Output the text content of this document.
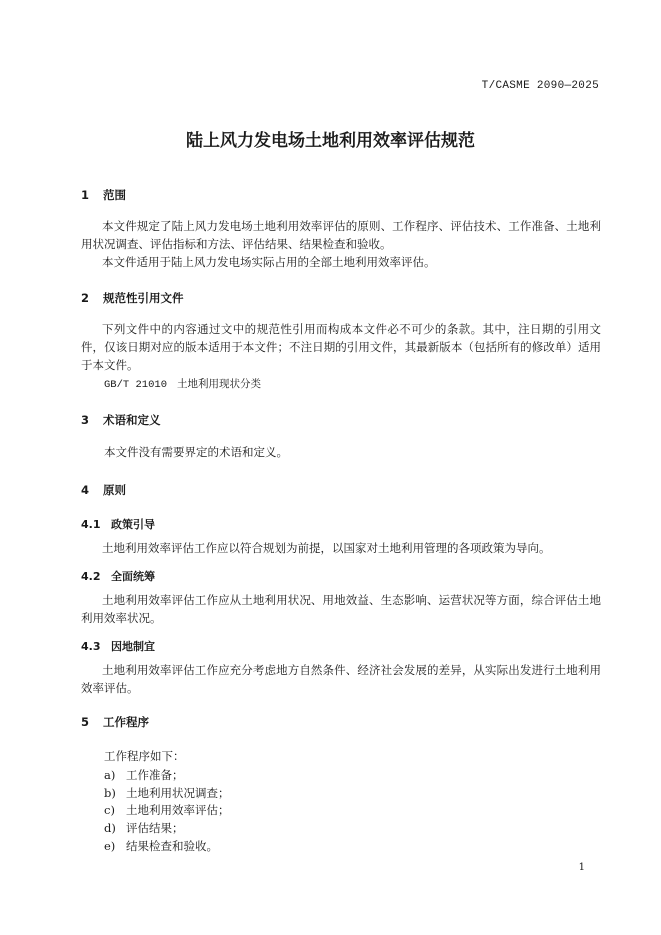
T/CASME 2090—2025
陆上风力发电场土地利用效率评估规范
1 范围
本文件规定了陆上风力发电场土地利用效率评估的原则、工作程序、评估技术、工作准备、土地利用状况调查、评估指标和方法、评估结果、结果检查和验收。
本文件适用于陆上风力发电场实际占用的全部土地利用效率评估。
2 规范性引用文件
下列文件中的内容通过文中的规范性引用而构成本文件必不可少的条款。其中，注日期的引用文件，仅该日期对应的版本适用于本文件；不注日期的引用文件，其最新版本（包括所有的修改单）适用于本文件。
GB/T 21010 土地利用现状分类
3 术语和定义
本文件没有需要界定的术语和定义。
4 原则
4.1 政策引导
土地利用效率评估工作应以符合规划为前提，以国家对土地利用管理的各项政策为导向。
4.2 全面统筹
土地利用效率评估工作应从土地利用状况、用地效益、生态影响、运营状况等方面，综合评估土地利用效率状况。
4.3 因地制宜
土地利用效率评估工作应充分考虑地方自然条件、经济社会发展的差异，从实际出发进行土地利用效率评估。
5 工作程序
工作程序如下：
a) 工作准备；
b) 土地利用状况调查；
c) 土地利用效率评估；
d) 评估结果；
e) 结果检查和验收。
1
